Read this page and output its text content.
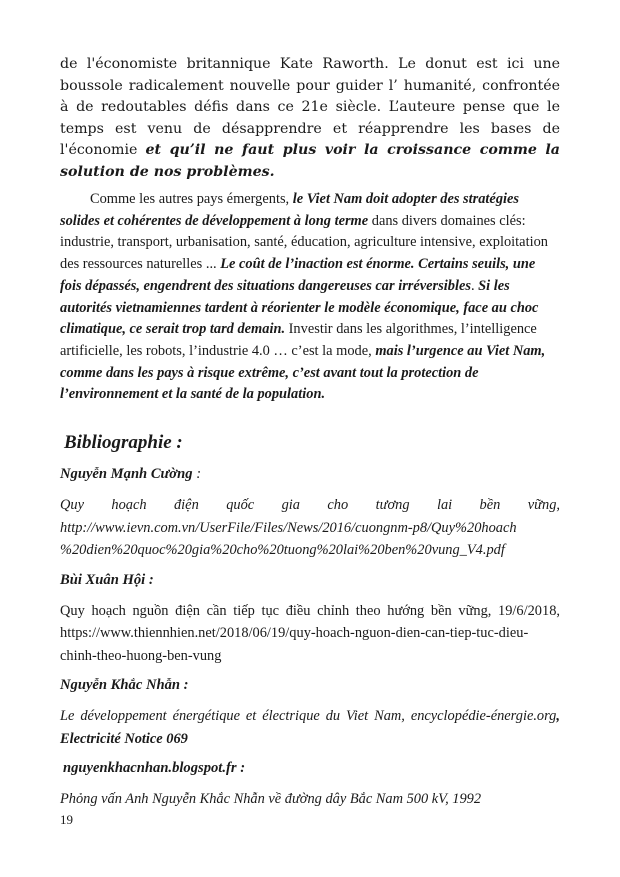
de l'économiste britannique Kate Raworth. Le donut est ici une boussole radicalement nouvelle pour guider l’ humanité, confrontée à de redoutables défis dans ce 21e siècle. L’auteure pense que le temps est venu de désapprendre et réapprendre les bases de l'économie et qu’il ne faut plus voir la croissance comme la solution de nos problèmes.

Comme les autres pays émergents, le Viet Nam doit adopter des stratégies solides et cohérentes de développement à long terme dans divers domaines clés: industrie, transport, urbanisation, santé, éducation, agriculture intensive, exploitation des ressources naturelles ... Le coût de l’inaction est énorme. Certains seuils, une fois dépassés, engendrent des situations dangereuses car irréversibles. Si les autorités vietnamiennes tardent à réorienter le modèle économique, face au choc climatique, ce serait trop tard demain. Investir dans les algorithmes, l’intelligence artificielle, les robots, l’industrie 4.0 … c’est la mode, mais l’urgence au Viet Nam, comme dans les pays à risque extrême, c’est avant tout la protection de l’environnement et la santé de la population.

Bibliographie :
Nguyễn Mạnh Cường :
Quy hoạch điện quốc gia cho tương lai bền vững,
http://www.ievn.com.vn/UserFile/Files/News/2016/cuongnm-p8/Quy%20hoach
%20dien%20quoc%20gia%20cho%20tuong%20lai%20ben%20vung_V4.pdf
Bùi Xuân Hội :
Quy hoạch nguồn điện cần tiếp tục điều chỉnh theo hướng bền vững, 19/6/2018, https://www.thiennhien.net/2018/06/19/quy-hoach-nguon-dien-can-tiep-tuc-dieu-chinh-theo-huong-ben-vung
Nguyễn Khắc Nhẫn :
Le développement énergétique et électrique du Viet Nam, encyclopédie-énergie.org, Electricité Notice 069
nguyenkhacnhan.blogspot.fr :
Phỏng vấn Anh Nguyễn Khắc Nhẫn về đường dây Bắc Nam 500 kV, 1992
19
